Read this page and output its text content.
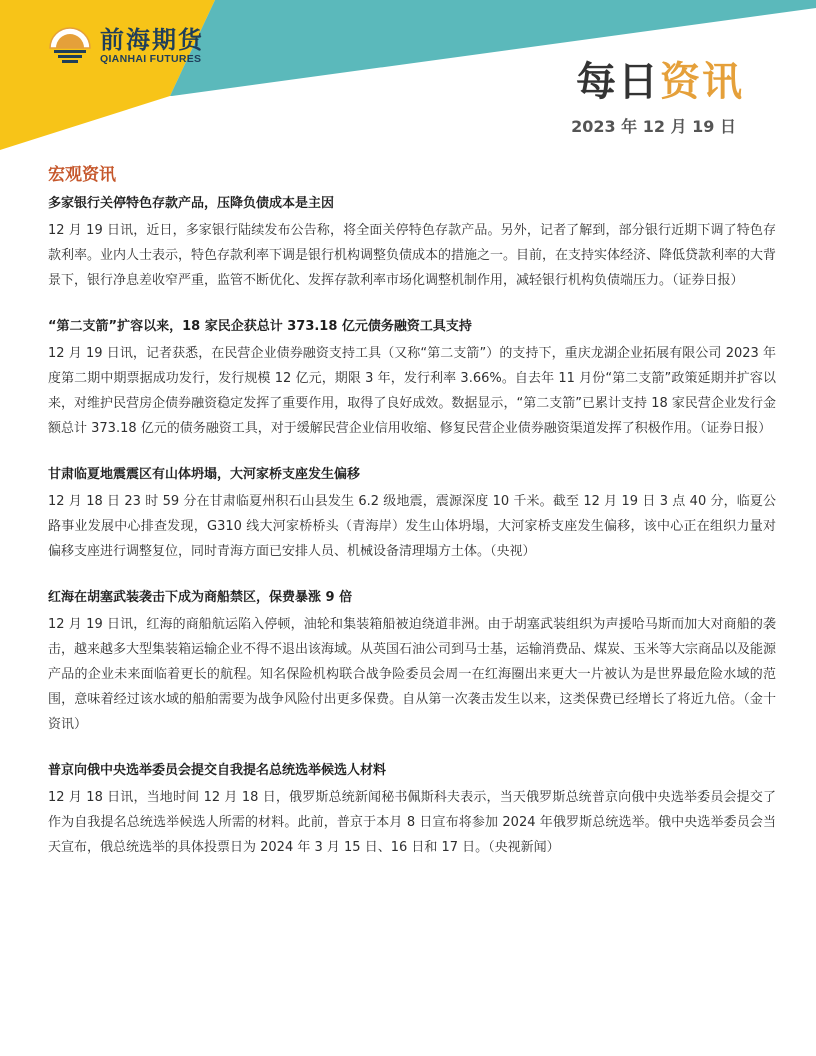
前海期货
QIANHAI FUTURES	每日资讯
2023 年 12 月 19 日
宏观资讯
多家银行关停特色存款产品，压降负债成本是主因

12 月 19 日讯，近日，多家银行陆续发布公告称，将全面关停特色存款产品。另外，记者了解到，部分银行近期下调了特色存款利率。业内人士表示，特色存款利率下调是银行机构调整负债成本的措施之一。目前，在支持实体经济、降低贷款利率的大背景下，银行净息差收窄严重，监管不断优化、发挥存款利率市场化调整机制作用，减轻银行机构负债端压力。（证券日报）

“第二支箭”扩容以来，18 家民企获总计 373.18 亿元债务融资工具支持

12 月 19 日讯，记者获悉，在民营企业债券融资支持工具（又称“第二支箭”）的支持下，重庆龙湖企业拓展有限公司 2023 年度第二期中期票据成功发行，发行规模 12 亿元，期限 3 年，发行利率 3.66%。自去年 11 月份“第二支箭”政策延期并扩容以来，对维护民营房企债券融资稳定发挥了重要作用，取得了良好成效。数据显示，“第二支箭”已累计支持 18 家民营企业发行金额总计 373.18 亿元的债务融资工具，对于缓解民营企业信用收缩、修复民营企业债券融资渠道发挥了积极作用。（证券日报）

甘肃临夏地震震区有山体坍塌，大河家桥支座发生偏移

12 月 18 日 23 时 59 分在甘肃临夏州积石山县发生 6.2 级地震，震源深度 10 千米。截至 12 月 19 日 3 点 40 分，临夏公路事业发展中心排查发现，G310 线大河家桥桥头（青海岸）发生山体坍塌，大河家桥支座发生偏移，该中心正在组织力量对偏移支座进行调整复位，同时青海方面已安排人员、机械设备清理塌方土体。（央视）

红海在胡塞武装袭击下成为商船禁区，保费暴涨 9 倍

12 月 19 日讯，红海的商船航运陷入停顿，油轮和集装箱船被迫绕道非洲。由于胡塞武装组织为声援哈马斯而加大对商船的袭击，越来越多大型集装箱运输企业不得不退出该海域。从英国石油公司到马士基，运输消费品、煤炭、玉米等大宗商品以及能源产品的企业未来面临着更长的航程。知名保险机构联合战争险委员会周一在红海圈出来更大一片被认为是世界最危险水域的范围，意味着经过该水域的船舶需要为战争风险付出更多保费。自从第一次袭击发生以来，这类保费已经增长了将近九倍。（金十资讯）

普京向俄中央选举委员会提交自我提名总统选举候选人材料

12 月 18 日讯，当地时间 12 月 18 日，俄罗斯总统新闻秘书佩斯科夫表示，当天俄罗斯总统普京向俄中央选举委员会提交了作为自我提名总统选举候选人所需的材料。此前，普京于本月 8 日宣布将参加 2024 年俄罗斯总统选举。俄中央选举委员会当天宣布，俄总统选举的具体投票日为 2024 年 3 月 15 日、16 日和 17 日。（央视新闻）
